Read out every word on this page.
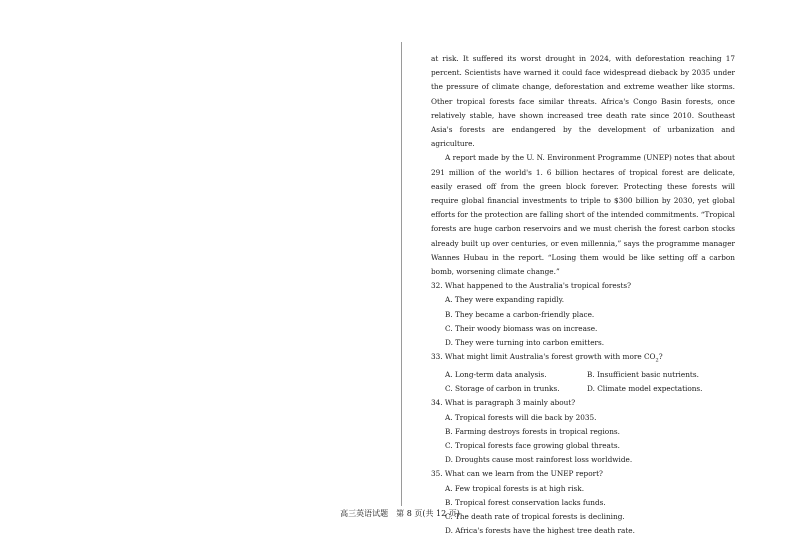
at risk. It suffered its worst drought in 2024, with deforestation reaching 17 percent. Scientists have warned it could face widespread dieback by 2035 under the pressure of climate change, deforestation and extreme weather like storms. Other tropical forests face similar threats. Africa's Congo Basin forests, once relatively stable, have shown increased tree death rate since 2010. Southeast Asia's forests are endangered by the development of urbanization and agriculture.

A report made by the U. N. Environment Programme (UNEP) notes that about 291 million of the world's 1. 6 billion hectares of tropical forest are delicate, easily erased off from the green block forever. Protecting these forests will require global financial investments to triple to $300 billion by 2030, yet global efforts for the protection are falling short of the intended commitments. “Tropical forests are huge carbon reservoirs and we must cherish the forest carbon stocks already built up over centuries, or even millennia,” says the programme manager Wannes Hubau in the report. “Losing them would be like setting off a carbon bomb, worsening climate change.”

32. What happened to the Australia's tropical forests?

A. They were expanding rapidly.

B. They became a carbon-friendly place.

C. Their woody biomass was on increase.

D. They were turning into carbon emitters.

33. What might limit Australia's forest growth with more $CO_2$?

A. Long-term data analysis.	B. Insufficient basic nutrients.
C. Storage of carbon in trunks.	D. Climate model expectations.

34. What is paragraph 3 mainly about?

A. Tropical forests will die back by 2035.

B. Farming destroys forests in tropical regions.

C. Tropical forests face growing global threats.

D. Droughts cause most rainforest loss worldwide.

35. What can we learn from the UNEP report?

A. Few tropical forests is at high risk.

B. Tropical forest conservation lacks funds.

C. The death rate of tropical forests is declining.

D. Africa's forests have the highest tree death rate.

高三英语试题　第 8 页(共 12 页)
